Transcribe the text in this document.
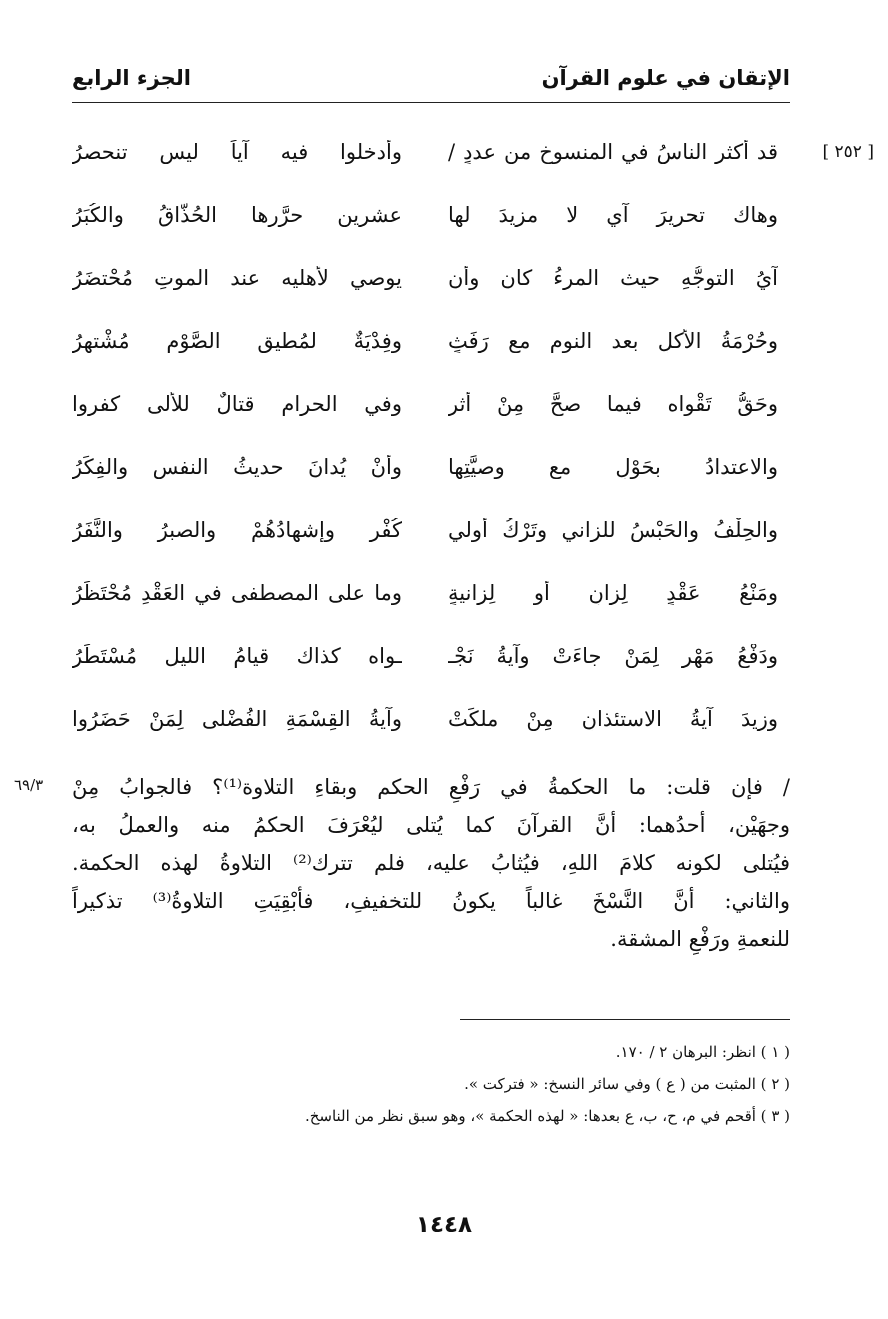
الإتقان في علوم القرآن
الجزء الرابع
[ ٢٥٢ ]
قد أكثر الناسُ في المنسوخ من عددٍ /
وأدخلوا فيه آياً ليس تنحصرُ
وهاك تحريرَ آيٍ لا مزيدَ لها
عشرين حرَّرها الحُذَّاقُ والكُبَرُ
آيُ التوجُّهِ حيث المرءُ كان وأن
يوصي لأهليه عند الموتِ مُحْتضَرُ
وحُرْمَةُ الأكلِ بعد النومِ مع رَفَثٍ
وفِدْيَةٌ لمُطيقِ الصَّوْمِ مُشْتهِرُ
وحَقُّ تَقْواه فيما صحَّ مِنْ أثرٍ
وفي الحرامِ قتالٌ للأُلى كفروا
والاعتدادُ بحَوْلٍ مع وصيَّتِها
وأنْ يُدانَ حديثُ النفسِ والفِكَرُ
والحِلْفُ والحَبْسُ للزاني وتَرْكُ أولي
كُفْرٍ وإشهادُهُمْ والصبرُ والنَّفَرُ
ومَنْعُ عَقْدٍ لِزانٍ أو لِزانيةٍ
وما على المصطفى في العَقْدِ مُحْتَظَرُ
ودَفْعُ مَهْرٍ لِمَنْ جاءَتْ وآيةُ نَجْـ
ـواه كذاك قيامُ الليلِ مُسْتَطَرُ
وزِيدَ آيةُ الاستئذانِ مِنْ ملكَتْ
وآيةُ القِسْمَةِ الفُضْلى لِمَنْ حَضَرُوا
٦٩/٣ / فإن قلت: ما الحكمةُ في رَفْعِ الحكم وبقاءِ التلاوة⁽¹⁾؟ فالجوابُ مِنْ

وجهَيْن، أحدُهما: أنَّ القرآنَ كما يُتلى ليُعْرَفَ الحكمُ منه والعملُ به،

فيُتلى لكونه كلامَ اللهِ، فيُثابُ عليه، فلم تترك⁽²⁾ التلاوةُ لهذه الحكمة.

والثاني: أنَّ النَّسْخَ غالباً يكونُ للتخفيفِ، فأبْقِيَتِ التلاوةُ⁽³⁾ تذكيراً

للنعمةِ ورَفْعِ المشقة.

( ١ ) انظر: البرهان ٢ / ١٧٠.
( ٢ ) المثبت من ( ع ) وفي سائر النسخ: « فتركت ».
( ٣ ) أقحم في م، ح، ب، ع بعدها: « لهذه الحكمة »، وهو سبق نظر من الناسخ.
١٤٤٨
